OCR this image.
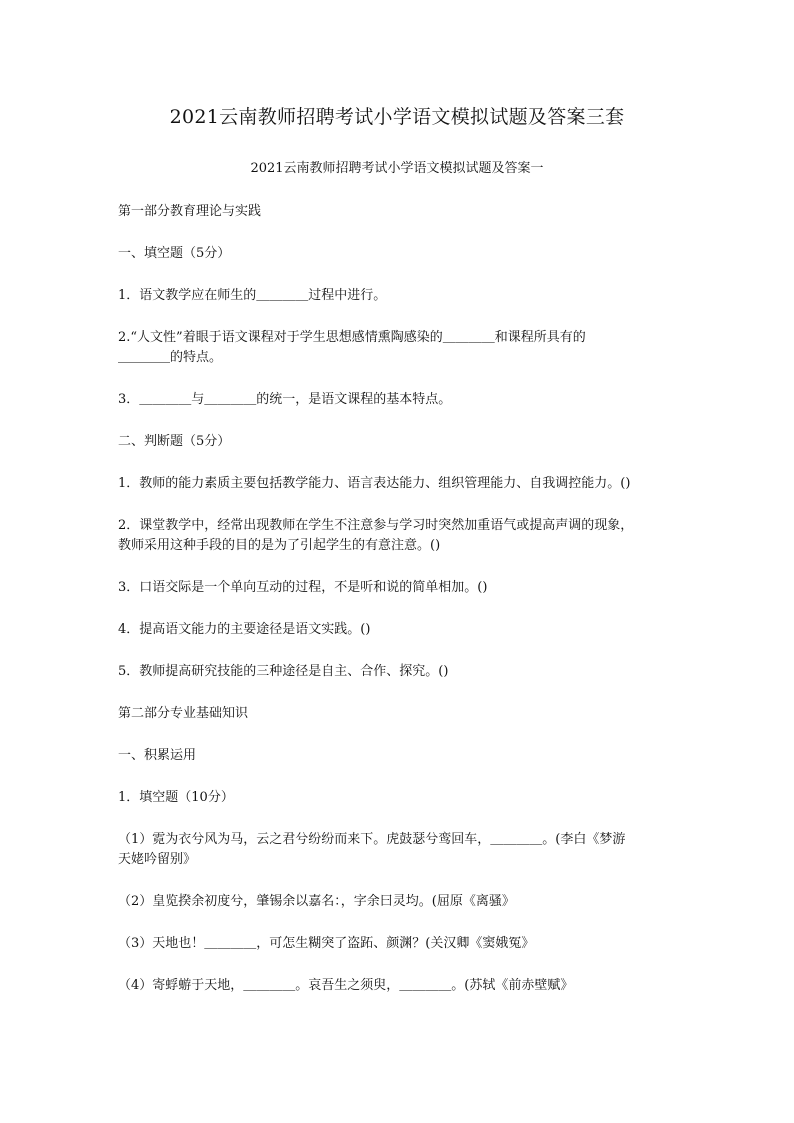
2021云南教师招聘考试小学语文模拟试题及答案三套
2021云南教师招聘考试小学语文模拟试题及答案一
第一部分教育理论与实践
一、填空题（5分）
1．语文教学应在师生的＿＿＿＿过程中进行。
2.“人文性”着眼于语文课程对于学生思想感情熏陶感染的＿＿＿＿和课程所具有的
＿＿＿＿的特点。
3．＿＿＿＿与＿＿＿＿的统一，是语文课程的基本特点。
二、判断题（5分）
1．教师的能力素质主要包括教学能力、语言表达能力、组织管理能力、自我调控能力。()
2．课堂教学中，经常出现教师在学生不注意参与学习时突然加重语气或提高声调的现象，
教师采用这种手段的目的是为了引起学生的有意注意。()
3．口语交际是一个单向互动的过程，不是听和说的简单相加。()
4．提高语文能力的主要途径是语文实践。()
5．教师提高研究技能的三种途径是自主、合作、探究。()
第二部分专业基础知识
一、积累运用
1．填空题（10分）
（1）霓为衣兮风为马，云之君兮纷纷而来下。虎鼓瑟兮鸾回车，＿＿＿＿。(李白《梦游
天姥吟留别》
（2）皇览揆余初度兮，肇锡余以嘉名：，字余曰灵均。(屈原《离骚》
（3）天地也！＿＿＿＿，可怎生糊突了盗跖、颜渊？(关汉卿《窦娥冤》
（4）寄蜉蝣于天地，＿＿＿＿。哀吾生之须臾，＿＿＿＿。(苏轼《前赤壁赋》
